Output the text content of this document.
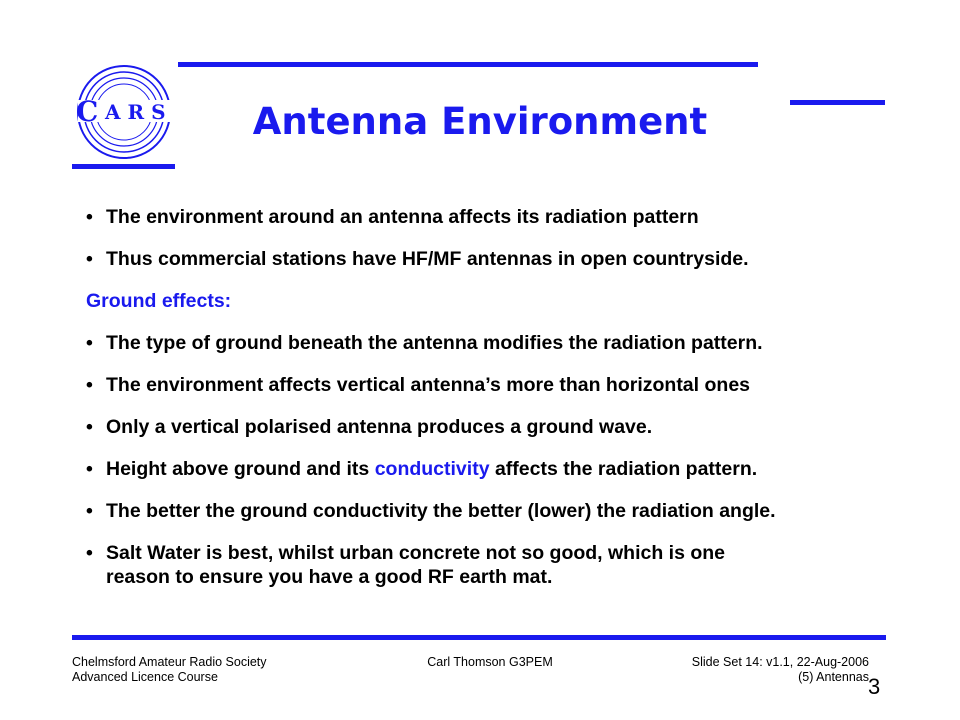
C A R S	Antenna Environment
• The environment around an antenna affects its radiation pattern
• Thus commercial stations have HF/MF antennas in open countryside.
Ground effects:
• The type of ground beneath the antenna modifies the radiation pattern.
• The environment affects vertical antenna’s more than horizontal ones
• Only a vertical polarised antenna produces a ground wave.
• Height above ground and its conductivity affects the radiation pattern.
• The better the ground conductivity the better (lower) the radiation angle.
• Salt Water is best, whilst urban concrete not so good, which is one
reason to ensure you have a good RF earth mat.
Chelmsford Amateur Radio Society
Advanced Licence Course
Carl Thomson G3PEM	Slide Set 14: v1.1, 22-Aug-2006
(5) Antennas 3
